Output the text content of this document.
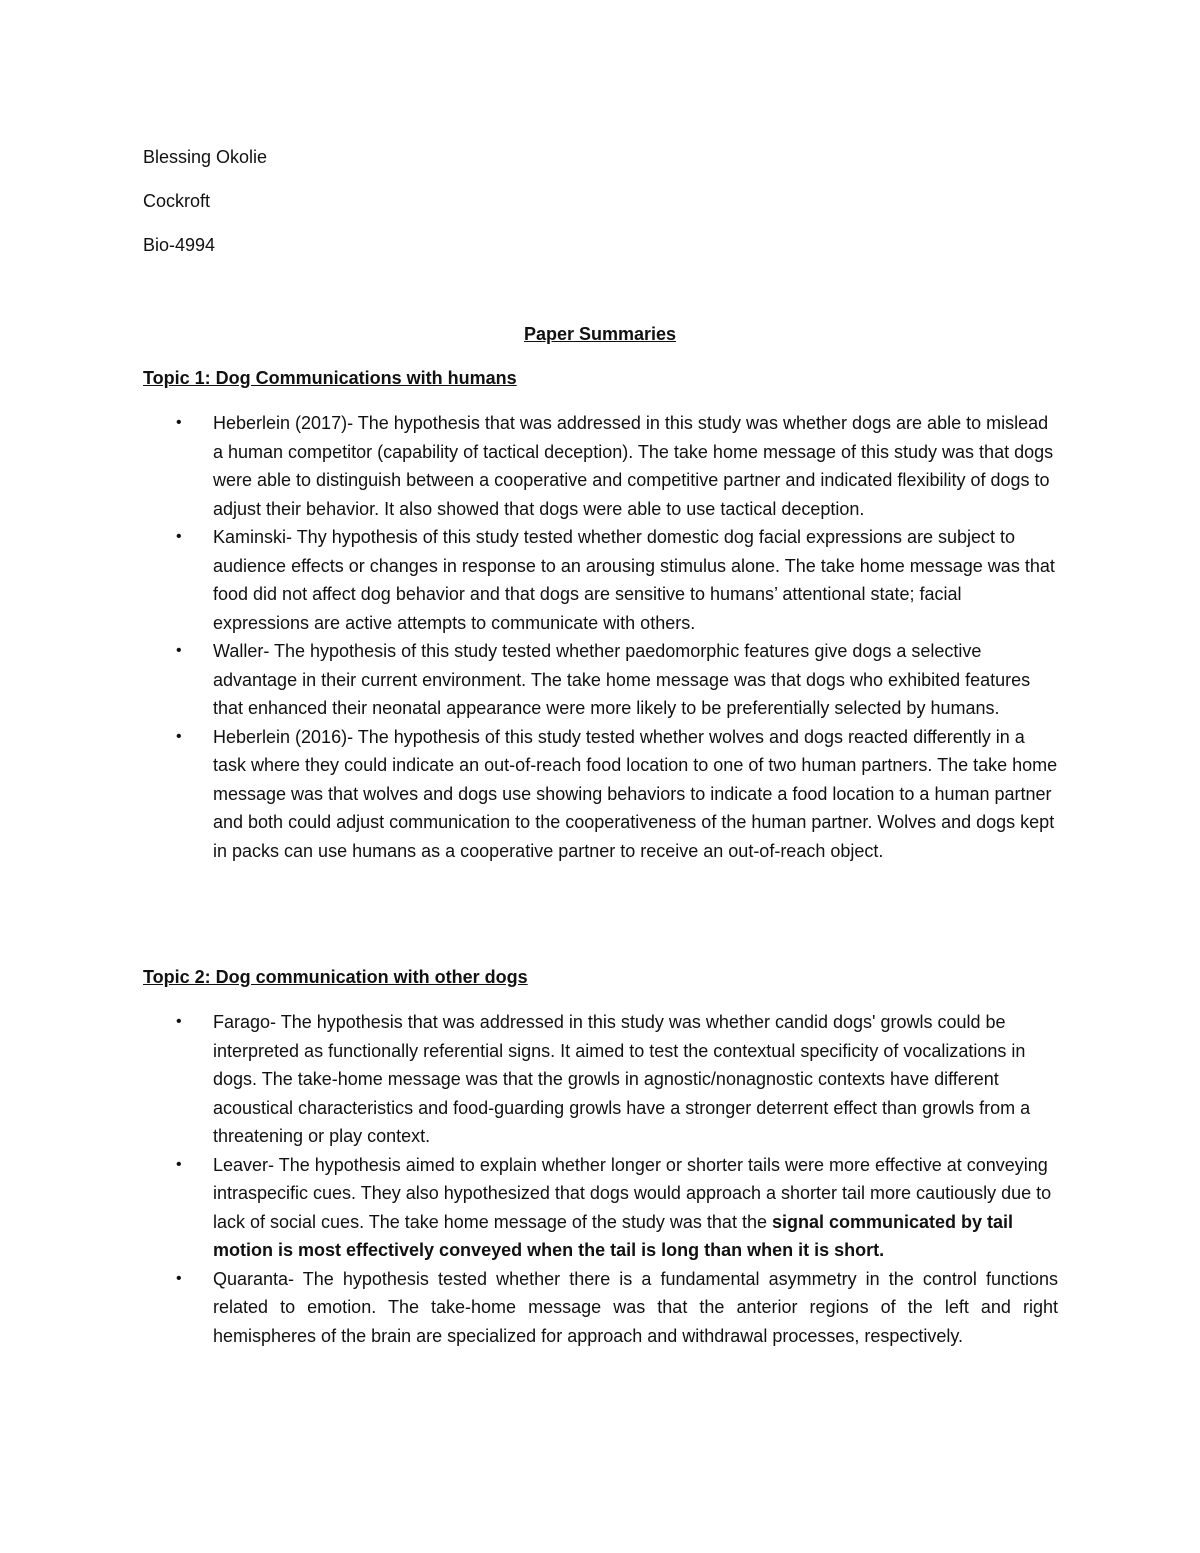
Blessing Okolie

Cockroft

Bio-4994

Paper Summaries

Topic 1: Dog Communications with humans

• Heberlein (2017)- The hypothesis that was addressed in this study was whether dogs are able to mislead a human competitor (capability of tactical deception). The take home message of this study was that dogs were able to distinguish between a cooperative and competitive partner and indicated flexibility of dogs to adjust their behavior. It also showed that dogs were able to use tactical deception.
• Kaminski- Thy hypothesis of this study tested whether domestic dog facial expressions are subject to audience effects or changes in response to an arousing stimulus alone. The take home message was that food did not affect dog behavior and that dogs are sensitive to humans’ attentional state; facial expressions are active attempts to communicate with others.
• Waller- The hypothesis of this study tested whether paedomorphic features give dogs a selective advantage in their current environment. The take home message was that dogs who exhibited features that enhanced their neonatal appearance were more likely to be preferentially selected by humans.
• Heberlein (2016)- The hypothesis of this study tested whether wolves and dogs reacted differently in a task where they could indicate an out-of-reach food location to one of two human partners. The take home message was that wolves and dogs use showing behaviors to indicate a food location to a human partner and both could adjust communication to the cooperativeness of the human partner. Wolves and dogs kept in packs can use humans as a cooperative partner to receive an out-of-reach object.

Topic 2: Dog communication with other dogs

• Farago- The hypothesis that was addressed in this study was whether candid dogs' growls could be interpreted as functionally referential signs. It aimed to test the contextual specificity of vocalizations in dogs. The take-home message was that the growls in agnostic/nonagnostic contexts have different acoustical characteristics and food-guarding growls have a stronger deterrent effect than growls from a threatening or play context.
• Leaver- The hypothesis aimed to explain whether longer or shorter tails were more effective at conveying intraspecific cues. They also hypothesized that dogs would approach a shorter tail more cautiously due to lack of social cues. The take home message of the study was that the signal communicated by tail motion is most effectively conveyed when the tail is long than when it is short.
• Quaranta- The hypothesis tested whether there is a fundamental asymmetry in the control functions related to emotion. The take-home message was that the anterior regions of the left and right hemispheres of the brain are specialized for approach and withdrawal processes, respectively.
